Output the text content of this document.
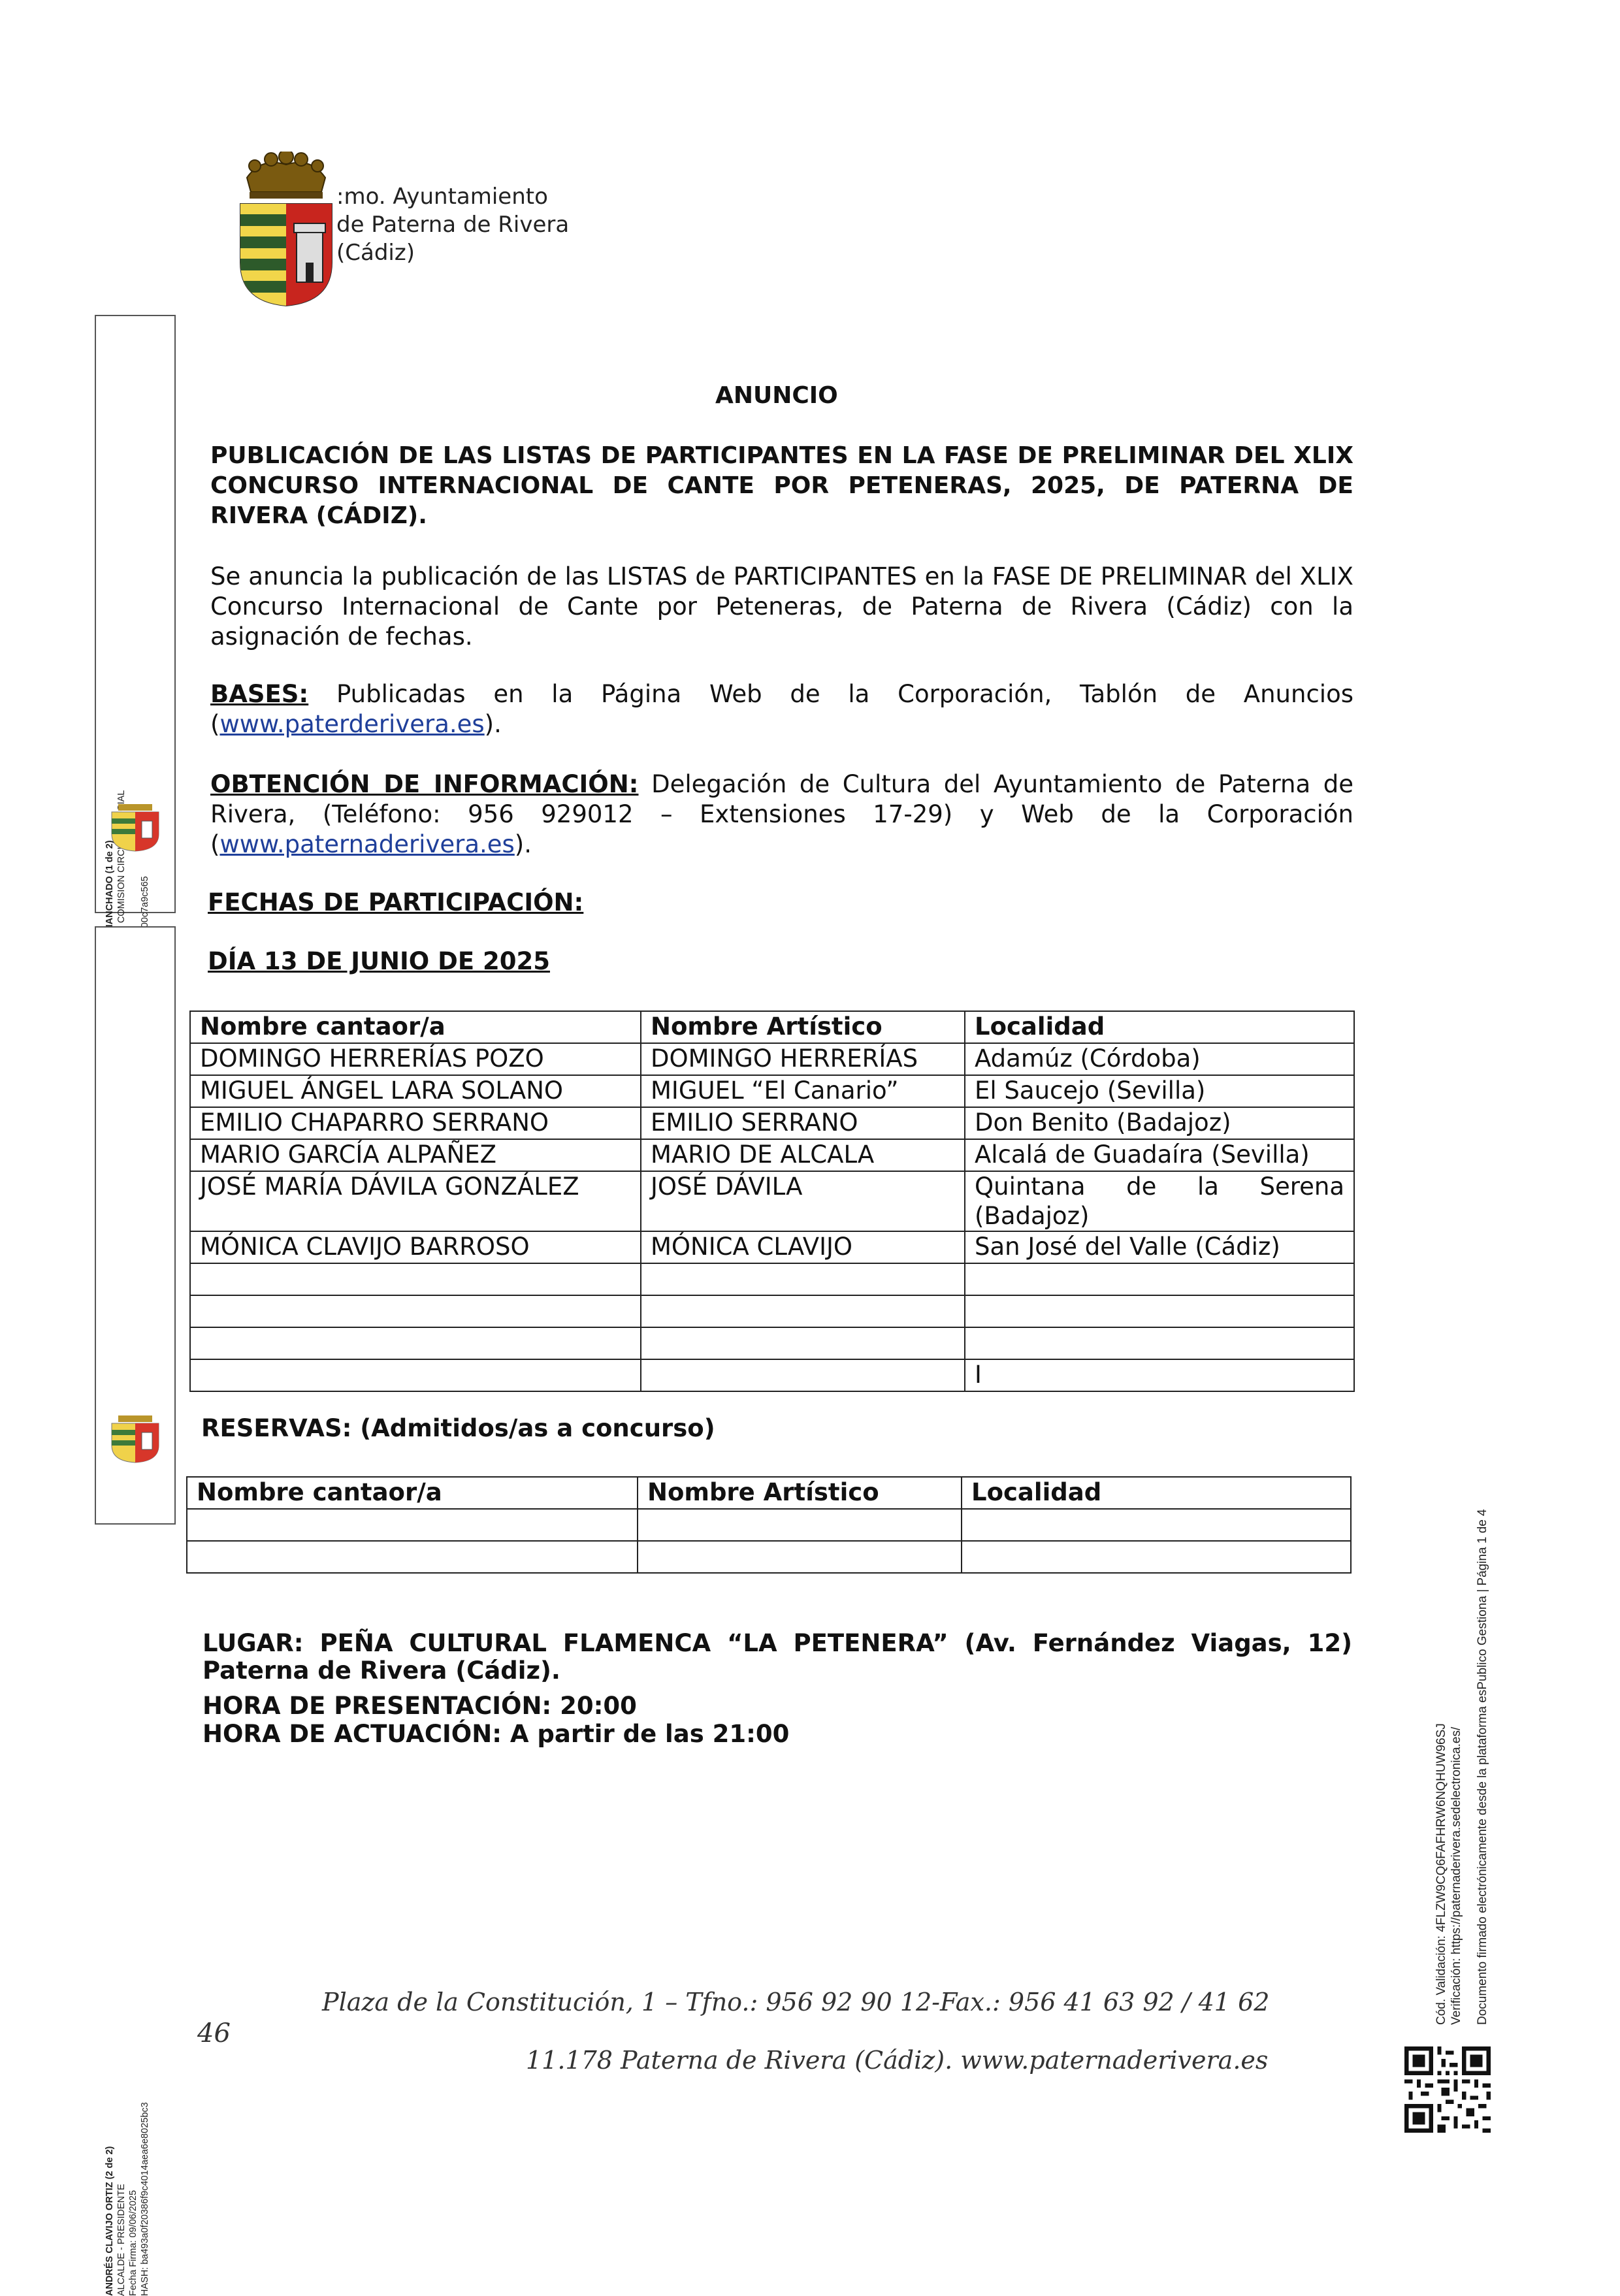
:mo. Ayuntamiento
de Paterna de Rivera
(Cádiz)
ANDRÉS CLAVIJO ORTIZ (2 de 2) ALCALDE - PRESIDENTE Fecha Firma: 09/06/2025 HASH: ba493a0f20386f9c4014aea6e8025bc3
ANUNCIO
PUBLICACIÓN DE LAS LISTAS DE PARTICIPANTES EN LA FASE DE PRELIMINAR DEL XLIX CONCURSO INTERNACIONAL DE CANTE POR PETENERAS, 2025, DE PATERNA DE RIVERA (CÁDIZ).
Se anuncia la publicación de las LISTAS de PARTICIPANTES en la FASE DE PRELIMINAR del XLIX Concurso Internacional de Cante por Peteneras, de Paterna de Rivera (Cádiz) con la asignación de fechas.
BASES: Publicadas en la Página Web de la Corporación, Tablón de Anuncios (www.paterderivera.es).
OBTENCIÓN DE INFORMACIÓN: Delegación de Cultura del Ayuntamiento de Paterna de Rivera, (Teléfono: 956 929012 – Extensiones 17-29) y Web de la Corporación (www.paternaderivera.es).
FECHAS DE PARTICIPACIÓN:
DÍA 13 DE JUNIO DE 2025
Nombre cantaor/a	Nombre Artístico	Localidad
DOMINGO HERRERÍAS POZO	DOMINGO HERRERÍAS	Adamúz (Córdoba)
MIGUEL ÁNGEL LARA SOLANO	MIGUEL “El Canario”	El Saucejo (Sevilla)
EMILIO CHAPARRO SERRANO	EMILIO SERRANO	Don Benito (Badajoz)
MARIO GARCÍA ALPAÑEZ	MARIO DE ALCALA	Alcalá de Guadaíra (Sevilla)
JOSÉ MARÍA DÁVILA GONZÁLEZ	JOSÉ DÁVILA	Quintana de la Serena
(Badajoz)

MÓNICA CLAVIJO BARROSO	MÓNICA CLAVIJO	San José del Valle (Cádiz)

		I
RESERVAS: (Admitidos/as a concurso)
Nombre cantaor/a	Nombre Artístico	Localidad

LUGAR: PEÑA CULTURAL FLAMENCA “LA PETENERA” (Av. Fernández Viagas, 12) Paterna de Rivera (Cádiz).
HORA DE PRESENTACIÓN: 20:00
HORA DE ACTUACIÓN: A partir de las 21:00
Plaza de la Constitución, 1 – Tfno.: 956 92 90 12-Fax.: 956 41 63 92 / 41 62
46
11.178 Paterna de Rivera (Cádiz). www.paternaderivera.es
Cód. Validación: 4FLZW9CQ6FAFHRW6NQHUW96SJ Verificación: https://paternaderivera.sedelectronica.es/ Documento firmado electrónicamente desde la plataforma esPublico Gestiona | Página 1 de 4
